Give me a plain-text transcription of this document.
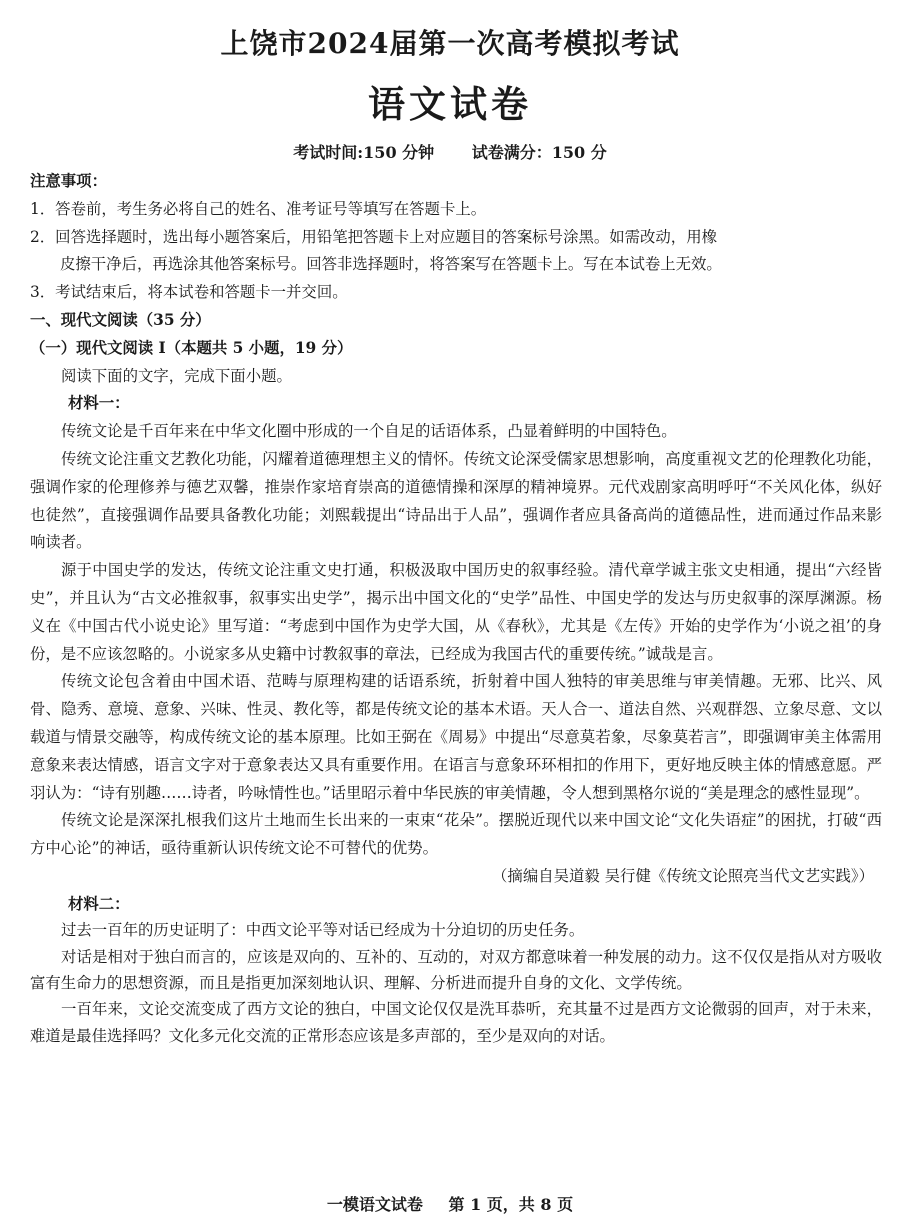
上饶市2024届第一次高考模拟考试
语文试卷
考试时间:150 分钟 试卷满分：150 分

注意事项：

1．答卷前，考生务必将自己的姓名、准考证号等填写在答题卡上。

2．回答选择题时，选出每小题答案后，用铅笔把答题卡上对应题目的答案标号涂黑。如需改动，用橡

皮擦干净后，再选涂其他答案标号。回答非选择题时，将答案写在答题卡上。写在本试卷上无效。

3．考试结束后，将本试卷和答题卡一并交回。

一、现代文阅读（35 分）

（一）现代文阅读 I（本题共 5 小题，19 分）

阅读下面的文字，完成下面小题。

材料一：

传统文论是千百年来在中华文化圈中形成的一个自足的话语体系，凸显着鲜明的中国特色。

传统文论注重文艺教化功能，闪耀着道德理想主义的情怀。传统文论深受儒家思想影响，高度重视文艺的伦理教化功能，强调作家的伦理修养与德艺双馨，推崇作家培育崇高的道德情操和深厚的精神境界。元代戏剧家高明呼吁“不关风化体，纵好也徒然”，直接强调作品要具备教化功能；刘熙载提出“诗品出于人品”，强调作者应具备高尚的道德品性，进而通过作品来影响读者。

源于中国史学的发达，传统文论注重文史打通，积极汲取中国历史的叙事经验。清代章学诚主张文史相通，提出“六经皆史”，并且认为“古文必推叙事，叙事实出史学”，揭示出中国文化的“史学”品性、中国史学的发达与历史叙事的深厚渊源。杨义在《中国古代小说史论》里写道：“考虑到中国作为史学大国，从《春秋》，尤其是《左传》开始的史学作为‘小说之祖’的身份，是不应该忽略的。小说家多从史籍中讨教叙事的章法，已经成为我国古代的重要传统。”诚哉是言。

传统文论包含着由中国术语、范畴与原理构建的话语系统，折射着中国人独特的审美思维与审美情趣。无邪、比兴、风骨、隐秀、意境、意象、兴味、性灵、教化等，都是传统文论的基本术语。天人合一、道法自然、兴观群怨、立象尽意、文以载道与情景交融等，构成传统文论的基本原理。比如王弼在《周易》中提出“尽意莫若象，尽象莫若言”，即强调审美主体需用意象来表达情感，语言文字对于意象表达又具有重要作用。在语言与意象环环相扣的作用下，更好地反映主体的情感意愿。严羽认为：“诗有别趣……诗者，吟咏情性也。”话里昭示着中华民族的审美情趣，令人想到黑格尔说的“美是理念的感性显现”。

传统文论是深深扎根我们这片土地而生长出来的一束束“花朵”。摆脱近现代以来中国文论“文化失语症”的困扰，打破“西方中心论”的神话，亟待重新认识传统文论不可替代的优势。

（摘编自吴道毅 吴行健《传统文论照亮当代文艺实践》）

材料二：

过去一百年的历史证明了：中西文论平等对话已经成为十分迫切的历史任务。

对话是相对于独白而言的，应该是双向的、互补的、互动的，对双方都意味着一种发展的动力。这不仅仅是指从对方吸收富有生命力的思想资源，而且是指更加深刻地认识、理解、分析进而提升自身的文化、文学传统。

一百年来，文论交流变成了西方文论的独白，中国文论仅仅是洗耳恭听，充其量不过是西方文论微弱的回声，对于未来，难道是最佳选择吗？文化多元化交流的正常形态应该是多声部的，至少是双向的对话。

一模语文试卷 第 1 页，共 8 页
